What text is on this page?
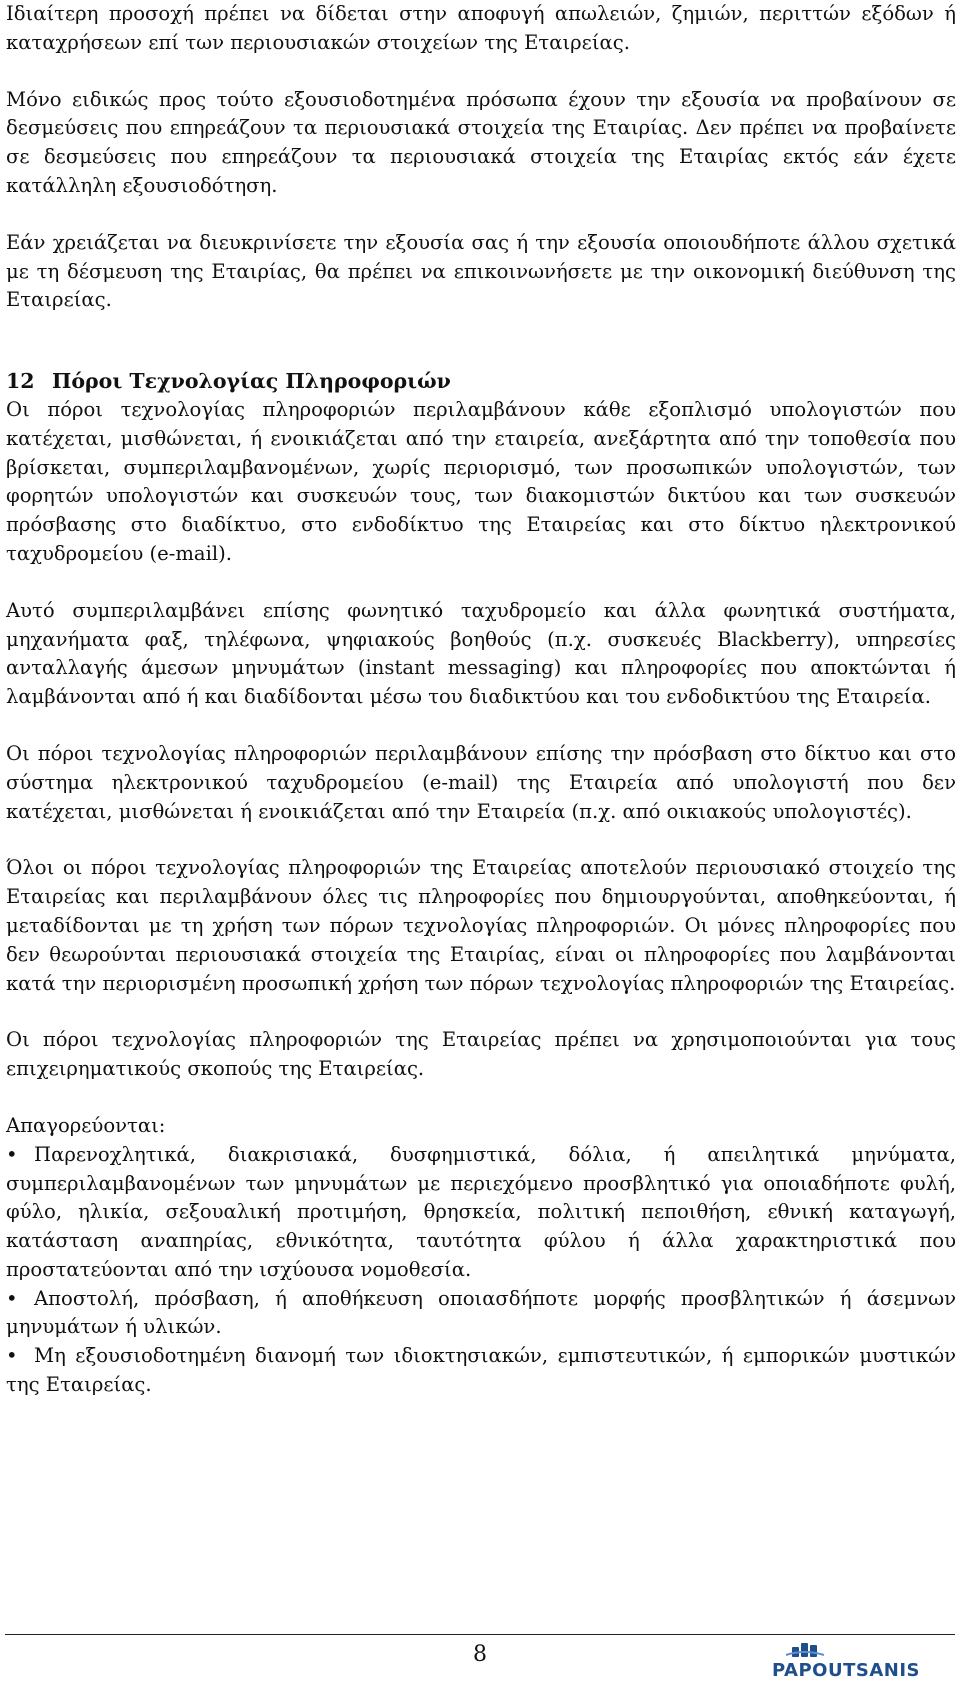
Ιδιαίτερη προσοχή πρέπει να δίδεται στην αποφυγή απωλειών, ζημιών, περιττών εξόδων ή καταχρήσεων επί των περιουσιακών στοιχείων της Εταιρείας.

Μόνο ειδικώς προς τούτο εξουσιοδοτημένα πρόσωπα έχουν την εξουσία να προβαίνουν σε δεσμεύσεις που επηρεάζουν τα περιουσιακά στοιχεία της Εταιρίας. Δεν πρέπει να προβαίνετε σε δεσμεύσεις που επηρεάζουν τα περιουσιακά στοιχεία της Εταιρίας εκτός εάν έχετε κατάλληλη εξουσιοδότηση.

Εάν χρειάζεται να διευκρινίσετε την εξουσία σας ή την εξουσία οποιουδήποτε άλλου σχετικά με τη δέσμευση της Εταιρίας, θα πρέπει να επικοινωνήσετε με την οικονομική διεύθυνση της Εταιρείας.

12 Πόροι Τεχνολογίας Πληροφοριών

Οι πόροι τεχνολογίας πληροφοριών περιλαμβάνουν κάθε εξοπλισμό υπολογιστών που κατέχεται, μισθώνεται, ή ενοικιάζεται από την εταιρεία, ανεξάρτητα από την τοποθεσία που βρίσκεται, συμπεριλαμβανομένων, χωρίς περιορισμό, των προσωπικών υπολογιστών, των φορητών υπολογιστών και συσκευών τους, των διακομιστών δικτύου και των συσκευών πρόσβασης στο διαδίκτυο, στο ενδοδίκτυο της Εταιρείας και στο δίκτυο ηλεκτρονικού ταχυδρομείου (e-mail).

Αυτό συμπεριλαμβάνει επίσης φωνητικό ταχυδρομείο και άλλα φωνητικά συστήματα, μηχανήματα φαξ, τηλέφωνα, ψηφιακούς βοηθούς (π.χ. συσκευές Blackberry), υπηρεσίες ανταλλαγής άμεσων μηνυμάτων (instant messaging) και πληροφορίες που αποκτώνται ή λαμβάνονται από ή και διαδίδονται μέσω του διαδικτύου και του ενδοδικτύου της Εταιρεία.

Οι πόροι τεχνολογίας πληροφοριών περιλαμβάνουν επίσης την πρόσβαση στο δίκτυο και στο σύστημα ηλεκτρονικού ταχυδρομείου (e-mail) της Εταιρεία από υπολογιστή που δεν κατέχεται, μισθώνεται ή ενοικιάζεται από την Εταιρεία (π.χ. από οικιακούς υπολογιστές).

Όλοι οι πόροι τεχνολογίας πληροφοριών της Εταιρείας αποτελούν περιουσιακό στοιχείο της Εταιρείας και περιλαμβάνουν όλες τις πληροφορίες που δημιουργούνται, αποθηκεύονται, ή μεταδίδονται με τη χρήση των πόρων τεχνολογίας πληροφοριών. Οι μόνες πληροφορίες που δεν θεωρούνται περιουσιακά στοιχεία της Εταιρίας, είναι οι πληροφορίες που λαμβάνονται κατά την περιορισμένη προσωπική χρήση των πόρων τεχνολογίας πληροφοριών της Εταιρείας.

Οι πόροι τεχνολογίας πληροφοριών της Εταιρείας πρέπει να χρησιμοποιούνται για τους επιχειρηματικούς σκοπούς της Εταιρείας.

Απαγορεύονται:

• Παρενοχλητικά, διακρισιακά, δυσφημιστικά, δόλια, ή απειλητικά μηνύματα, συμπεριλαμβανομένων των μηνυμάτων με περιεχόμενο προσβλητικό για οποιαδήποτε φυλή, φύλο, ηλικία, σεξουαλική προτιμήση, θρησκεία, πολιτική πεποιθήση, εθνική καταγωγή, κατάσταση αναπηρίας, εθνικότητα, ταυτότητα φύλου ή άλλα χαρακτηριστικά που προστατεύονται από την ισχύουσα νομοθεσία.

• Αποστολή, πρόσβαση, ή αποθήκευση οποιασδήποτε μορφής προσβλητικών ή άσεμνων μηνυμάτων ή υλικών.

• Μη εξουσιοδοτημένη διανομή των ιδιοκτησιακών, εμπιστευτικών, ή εμπορικών μυστικών της Εταιρείας.

8
PAPOUTSANIS
